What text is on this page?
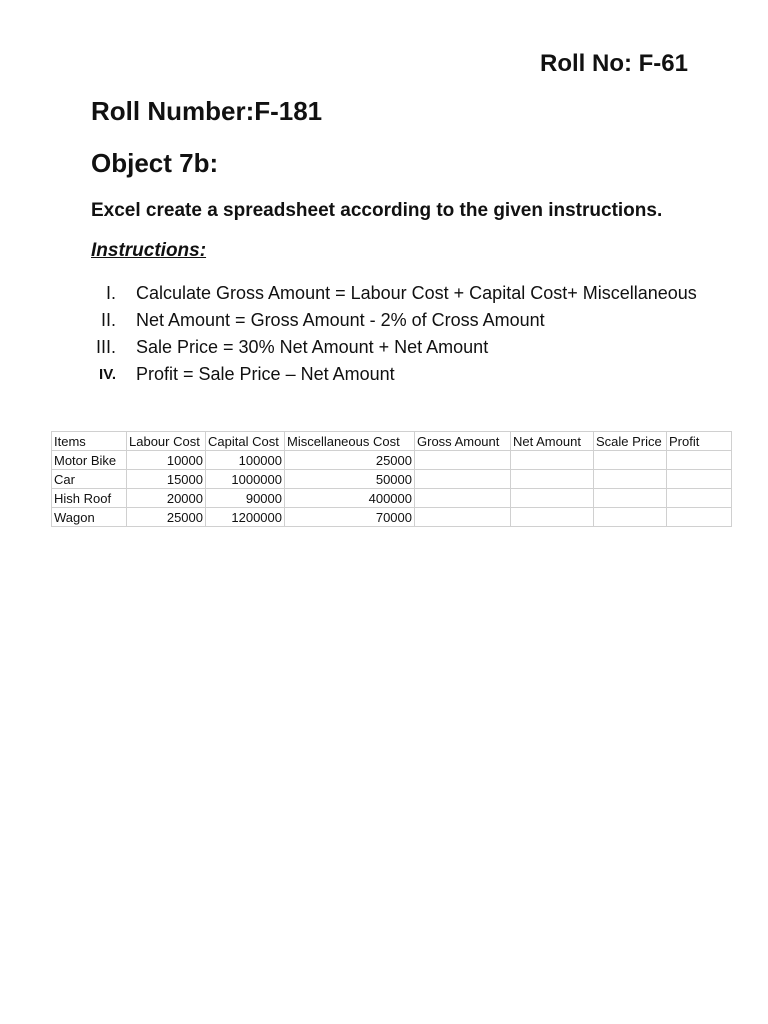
Roll No: F-61
Roll Number:F-181
Object 7b:
Excel create a spreadsheet according to the given instructions.
Instructions:
I.	Calculate Gross Amount = Labour Cost + Capital Cost+ Miscellaneous
II.	Net Amount = Gross Amount - 2% of Cross Amount
III.	Sale Price = 30% Net Amount + Net Amount
IV.	Profit = Sale Price – Net Amount
Items	Labour Cost	Capital Cost	Miscellaneous Cost	Gross Amount	Net Amount	Scale Price	Profit
Motor Bike	10000	100000	25000				
Car	15000	1000000	50000				
Hish Roof	20000	90000	400000				
Wagon	25000	1200000	70000				
